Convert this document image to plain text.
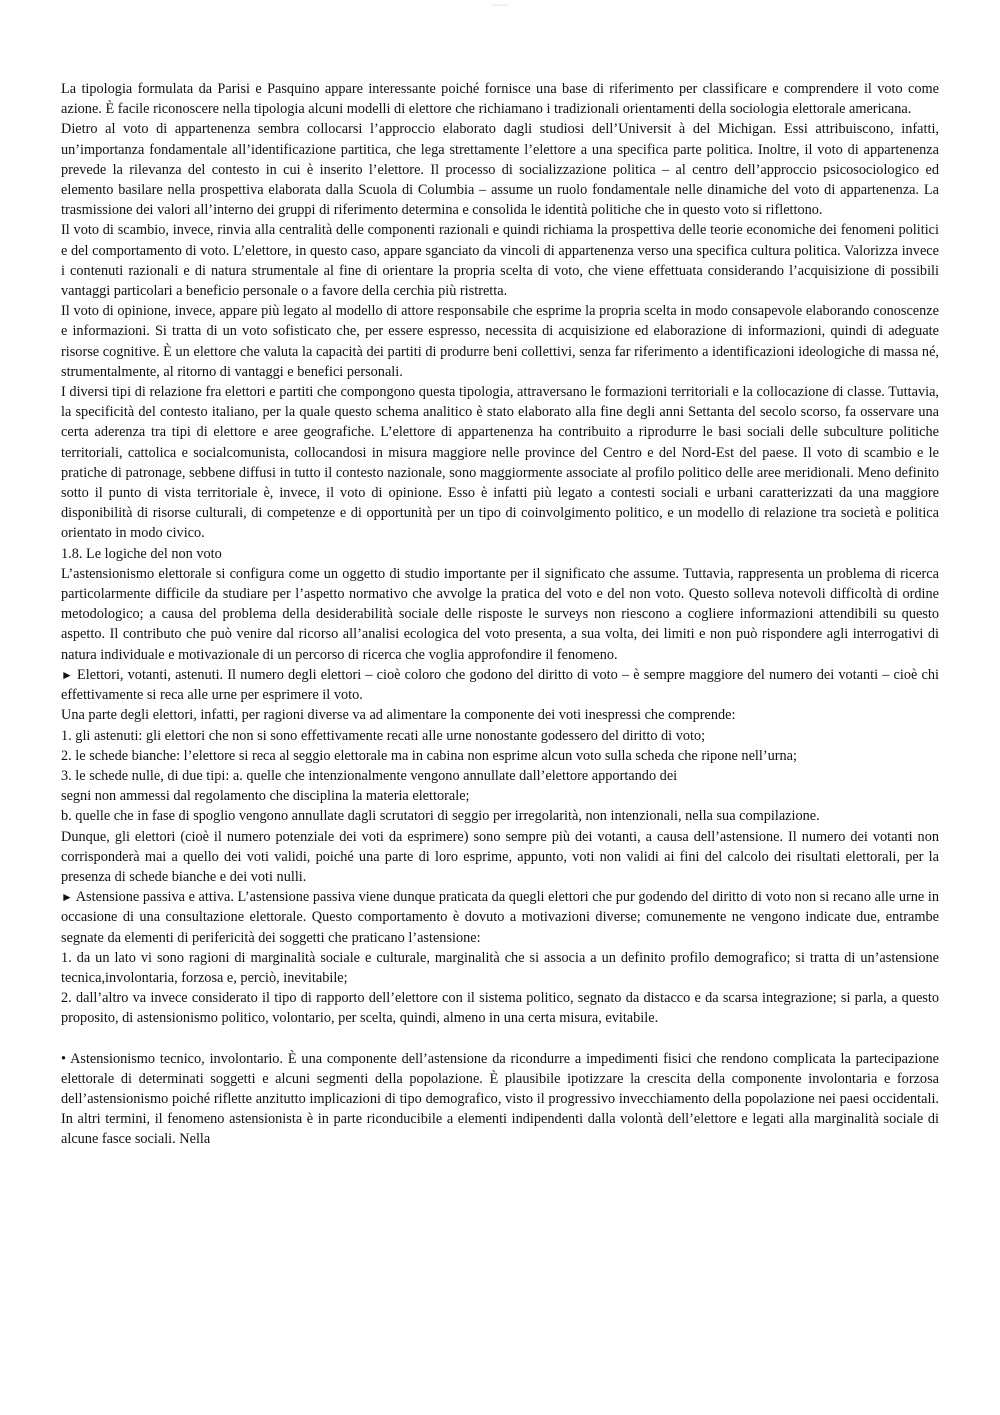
www.ebook

La tipologia formulata da Parisi e Pasquino appare interessante poiché fornisce una base di riferimento per classificare e comprendere il voto come azione. È facile riconoscere nella tipologia alcuni modelli di elettore che richiamano i tradizionali orientamenti della sociologia elettorale americana.

Dietro al voto di appartenenza sembra collocarsi l’approccio elaborato dagli studiosi dell’Universit à del Michigan. Essi attribuiscono, infatti, un’importanza fondamentale all’identificazione partitica, che lega strettamente l’elettore a una specifica parte politica. Inoltre, il voto di appartenenza prevede la rilevanza del contesto in cui è inserito l’elettore. Il processo di socializzazione politica – al centro dell’approccio psicosociologico ed elemento basilare nella prospettiva elaborata dalla Scuola di Columbia – assume un ruolo fondamentale nelle dinamiche del voto di appartenenza. La trasmissione dei valori all’interno dei gruppi di riferimento determina e consolida le identità politiche che in questo voto si riflettono.

Il voto di scambio, invece, rinvia alla centralità delle componenti razionali e quindi richiama la prospettiva delle teorie economiche dei fenomeni politici e del comportamento di voto. L’elettore, in questo caso, appare sganciato da vincoli di appartenenza verso una specifica cultura politica. Valorizza invece i contenuti razionali e di natura strumentale al fine di orientare la propria scelta di voto, che viene effettuata considerando l’acquisizione di possibili vantaggi particolari a beneficio personale o a favore della cerchia più ristretta.

Il voto di opinione, invece, appare più legato al modello di attore responsabile che esprime la propria scelta in modo consapevole elaborando conoscenze e informazioni. Si tratta di un voto sofisticato che, per essere espresso, necessita di acquisizione ed elaborazione di informazioni, quindi di adeguate risorse cognitive. È un elettore che valuta la capacità dei partiti di produrre beni collettivi, senza far riferimento a identificazioni ideologiche di massa né, strumentalmente, al ritorno di vantaggi e benefici personali.

I diversi tipi di relazione fra elettori e partiti che compongono questa tipologia, attraversano le formazioni territoriali e la collocazione di classe. Tuttavia, la specificità del contesto italiano, per la quale questo schema analitico è stato elaborato alla fine degli anni Settanta del secolo scorso, fa osservare una certa aderenza tra tipi di elettore e aree geografiche. L’elettore di appartenenza ha contribuito a riprodurre le basi sociali delle subculture politiche territoriali, cattolica e socialcomunista, collocandosi in misura maggiore nelle province del Centro e del Nord-Est del paese. Il voto di scambio e le pratiche di patronage, sebbene diffusi in tutto il contesto nazionale, sono maggiormente associate al profilo politico delle aree meridionali. Meno definito sotto il punto di vista territoriale è, invece, il voto di opinione. Esso è infatti più legato a contesti sociali e urbani caratterizzati da una maggiore disponibilità di risorse culturali, di competenze e di opportunità per un tipo di coinvolgimento politico, e un modello di relazione tra società e politica orientato in modo civico.

1.8. Le logiche del non voto

L’astensionismo elettorale si configura come un oggetto di studio importante per il significato che assume. Tuttavia, rappresenta un problema di ricerca particolarmente difficile da studiare per l’aspetto normativo che avvolge la pratica del voto e del non voto. Questo solleva notevoli difficoltà di ordine metodologico; a causa del problema della desiderabilità sociale delle risposte le surveys non riescono a cogliere informazioni attendibili su questo aspetto. Il contributo che può venire dal ricorso all’analisi ecologica del voto presenta, a sua volta, dei limiti e non può rispondere agli interrogativi di natura individuale e motivazionale di un percorso di ricerca che voglia approfondire il fenomeno.

► Elettori, votanti, astenuti. Il numero degli elettori – cioè coloro che godono del diritto di voto – è sempre maggiore del numero dei votanti – cioè chi effettivamente si reca alle urne per esprimere il voto.

Una parte degli elettori, infatti, per ragioni diverse va ad alimentare la componente dei voti inespressi che comprende:

1. gli astenuti: gli elettori che non si sono effettivamente recati alle urne nonostante godessero del diritto di voto;

2. le schede bianche: l’elettore si reca al seggio elettorale ma in cabina non esprime alcun voto sulla scheda che ripone nell’urna;

3. le schede nulle, di due tipi: a. quelle che intenzionalmente vengono annullate dall’elettore apportando dei

segni non ammessi dal regolamento che disciplina la materia elettorale;

b. quelle che in fase di spoglio vengono annullate dagli scrutatori di seggio per irregolarità, non intenzionali, nella sua compilazione.

Dunque, gli elettori (cioè il numero potenziale dei voti da esprimere) sono sempre più dei votanti, a causa dell’astensione. Il numero dei votanti non corrisponderà mai a quello dei voti validi, poiché una parte di loro esprime, appunto, voti non validi ai fini del calcolo dei risultati elettorali, per la presenza di schede bianche e dei voti nulli.

► Astensione passiva e attiva. L’astensione passiva viene dunque praticata da quegli elettori che pur godendo del diritto di voto non si recano alle urne in occasione di una consultazione elettorale. Questo comportamento è dovuto a motivazioni diverse; comunemente ne vengono indicate due, entrambe segnate da elementi di perifericità dei soggetti che praticano l’astensione:

1. da un lato vi sono ragioni di marginalità sociale e culturale, marginalità che si associa a un definito profilo demografico; si tratta di un’astensione tecnica,involontaria, forzosa e, perciò, inevitabile;

2. dall’altro va invece considerato il tipo di rapporto dell’elettore con il sistema politico, segnato da distacco e da scarsa integrazione; si parla, a questo proposito, di astensionismo politico, volontario, per scelta, quindi, almeno in una certa misura, evitabile.

• Astensionismo tecnico, involontario. È una componente dell’astensione da ricondurre a impedimenti fisici che rendono complicata la partecipazione elettorale di determinati soggetti e alcuni segmenti della popolazione. È plausibile ipotizzare la crescita della componente involontaria e forzosa dell’astensionismo poiché riflette anzitutto implicazioni di tipo demografico, visto il progressivo invecchiamento della popolazione nei paesi occidentali. In altri termini, il fenomeno astensionista è in parte riconducibile a elementi indipendenti dalla volontà dell’elettore e legati alla marginalità sociale di alcune fasce sociali. Nella
